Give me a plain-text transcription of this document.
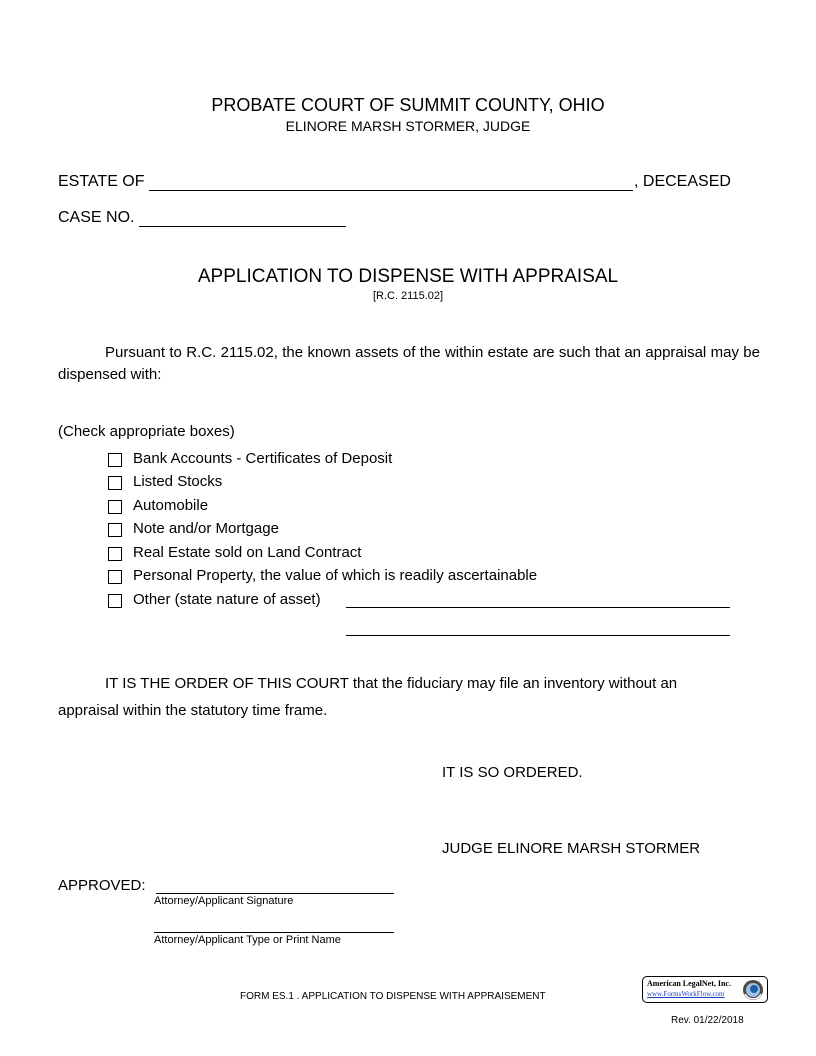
PROBATE COURT OF SUMMIT COUNTY, OHIO
ELINORE MARSH STORMER, JUDGE
ESTATE OF	, DECEASED
CASE NO.
APPLICATION TO DISPENSE WITH APPRAISAL
[R.C. 2115.02]
Pursuant to R.C. 2115.02, the known assets of the within estate are such that an appraisal may be dispensed with:
(Check appropriate boxes)
Bank Accounts - Certificates of Deposit
Listed Stocks
Automobile
Note and/or Mortgage
Real Estate sold on Land Contract
Personal Property, the value of which is readily ascertainable
Other (state nature of asset)
IT IS THE ORDER OF THIS COURT that the fiduciary may file an inventory without an appraisal within the statutory time frame.
IT IS SO ORDERED.
JUDGE ELINORE MARSH STORMER
APPROVED:
Attorney/Applicant Signature
Attorney/Applicant Type or Print Name
FORM ES.1 . APPLICATION TO DISPENSE WITH APPRAISEMENT
Rev. 01/22/2018
American LegalNet, Inc.
www.FormsWorkFlow.com
